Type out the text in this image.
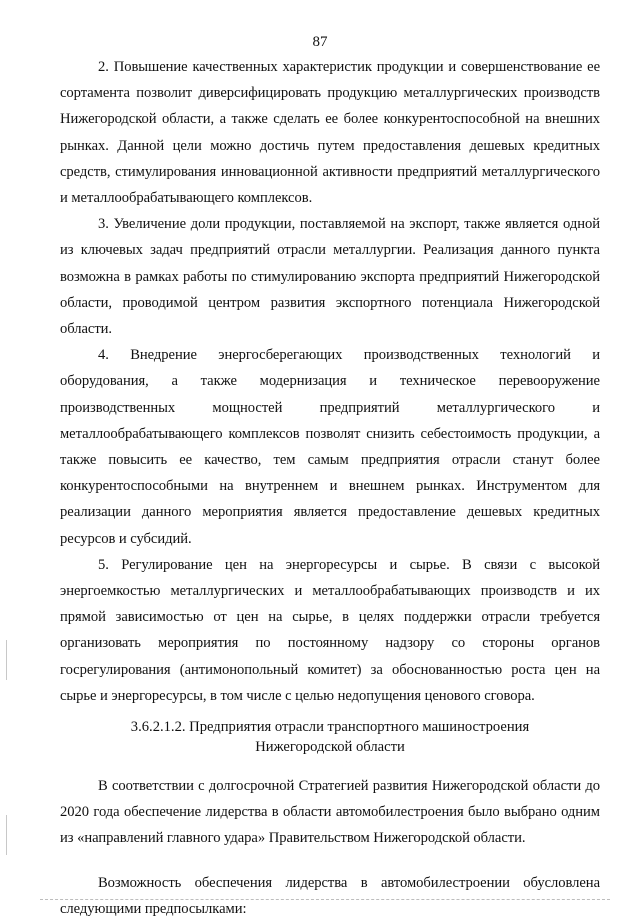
87

2. Повышение качественных характеристик продукции и совершенствование ее сортамента позволит диверсифицировать продукцию металлургических производств Нижегородской области, а также сделать ее более конкурентоспособной на внешних рынках. Данной цели можно достичь путем предоставления дешевых кредитных средств, стимулирования инновационной активности предприятий металлургического и металлообрабатывающего комплексов.

3. Увеличение доли продукции, поставляемой на экспорт, также является одной из ключевых задач предприятий отрасли металлургии. Реализация данного пункта возможна в рамках работы по стимулированию экспорта предприятий Нижегородской области, проводимой центром развития экспортного потенциала Нижегородской области.

4. Внедрение энергосберегающих производственных технологий и оборудования, а также модернизация и техническое перевооружение производственных мощностей предприятий металлургического и металлообрабатывающего комплексов позволят снизить себестоимость продукции, а также повысить ее качество, тем самым предприятия отрасли станут более конкурентоспособными на внутреннем и внешнем рынках. Инструментом для реализации данного мероприятия является предоставление дешевых кредитных ресурсов и субсидий.

5. Регулирование цен на энергоресурсы и сырье. В связи с высокой энергоемкостью металлургических и металлообрабатывающих производств и их прямой зависимостью от цен на сырье, в целях поддержки отрасли требуется организовать мероприятия по постоянному надзору со стороны органов госрегулирования (антимонопольный комитет) за обоснованностью роста цен на сырье и энергоресурсы, в том числе с целью недопущения ценового сговора.

3.6.2.1.2. Предприятия отрасли транспортного машиностроения
Нижегородской области

В соответствии с долгосрочной Стратегией развития Нижегородской области до 2020 года обеспечение лидерства в области автомобилестроения было выбрано одним из «направлений главного удара» Правительством Нижегородской области.

Возможность обеспечения лидерства в автомобилестроении обусловлена следующими предпосылками:
